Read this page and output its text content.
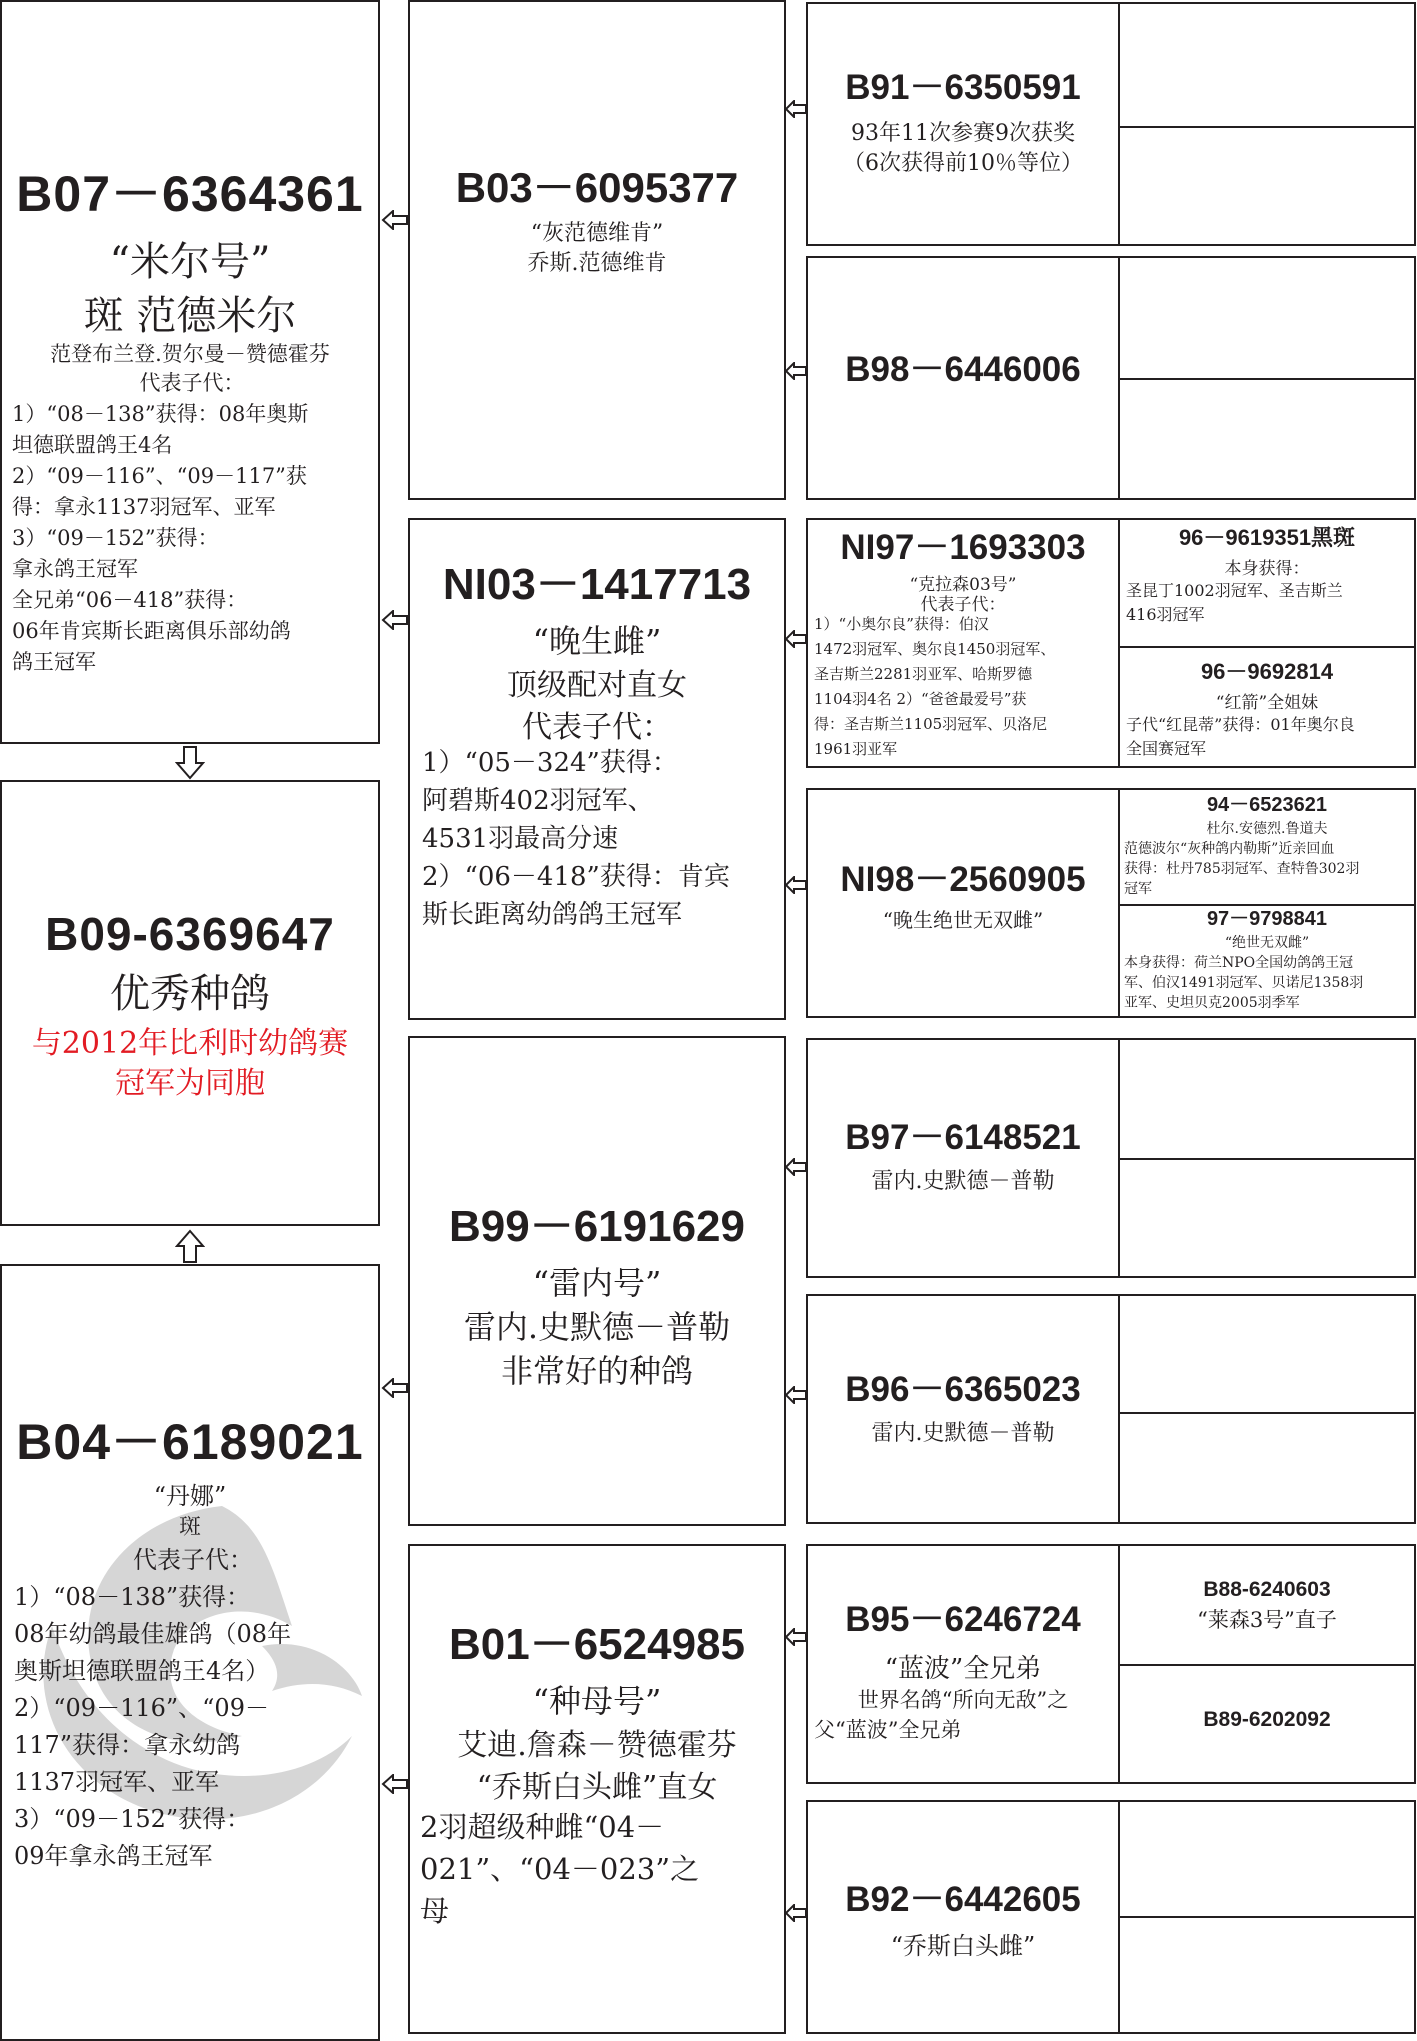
B09-6369647
优秀种鸽
与2012年比利时幼鸽赛
冠军为同胞
B07－6364361
“米尔号”
斑 范德米尔
范登布兰登.贺尔曼－赞德霍芬
代表子代：
1）“08－138”获得：08年奥斯
坦德联盟鸽王4名
2）“09－116”、“09－117”获
得：拿永1137羽冠军、亚军
3）“09－152”获得：
拿永鸽王冠军
全兄弟“06－418”获得：
06年肯宾斯长距离俱乐部幼鸽
鸽王冠军
B04－6189021
“丹娜”
斑
代表子代：
1）“08－138”获得：
08年幼鸽最佳雄鸽（08年
奥斯坦德联盟鸽王4名）
2）“09－116”、“09－
117”获得：拿永幼鸽
1137羽冠军、亚军
3）“09－152”获得：
09年拿永鸽王冠军
B03－6095377
“灰范德维肯”
乔斯.范德维肯
NI03－1417713
“晚生雌”
顶级配对直女
代表子代：
1）“05－324”获得：
阿碧斯402羽冠军、
4531羽最高分速
2）“06－418”获得：肯宾
斯长距离幼鸽鸽王冠军
B99－6191629
“雷内号”
雷内.史默德－普勒
非常好的种鸽
B01－6524985
“种母号”
艾迪.詹森－赞德霍芬
“乔斯白头雌”直女
2羽超级种雌“04－
021”、“04－023”之
母
B91－6350591
93年11次参赛9次获奖
（6次获得前10％等位）
B98－6446006
NI97－1693303
“克拉森03号”
代表子代：
1）“小奥尔良”获得：伯汉
1472羽冠军、奥尔良1450羽冠军、
圣吉斯兰2281羽亚军、哈斯罗德
1104羽4名 2）“爸爸最爱号”获
得：圣吉斯兰1105羽冠军、贝洛尼
1961羽亚军
96－9619351黑斑
本身获得：
圣昆丁1002羽冠军、圣吉斯兰
416羽冠军
96－9692814
“红箭”全姐妹
子代“红昆蒂”获得：01年奥尔良
全国赛冠军
NI98－2560905
“晚生绝世无双雌”
94－6523621
杜尔.安德烈.鲁道夫
范德波尔“灰种鸽内勒斯”近亲回血
获得：杜丹785羽冠军、查特鲁302羽
冠军
97－9798841
“绝世无双雌”
本身获得：荷兰NPO全国幼鸽鸽王冠
军、伯汉1491羽冠军、贝诺尼1358羽
亚军、史坦贝克2005羽季军
B97－6148521
雷内.史默德－普勒
B96－6365023
雷内.史默德－普勒
B95－6246724
“蓝波”全兄弟
世界名鸽“所向无敌”之
父“蓝波”全兄弟
B88-6240603
“莱森3号”直子
B89-6202092
B92－6442605
“乔斯白头雌”
